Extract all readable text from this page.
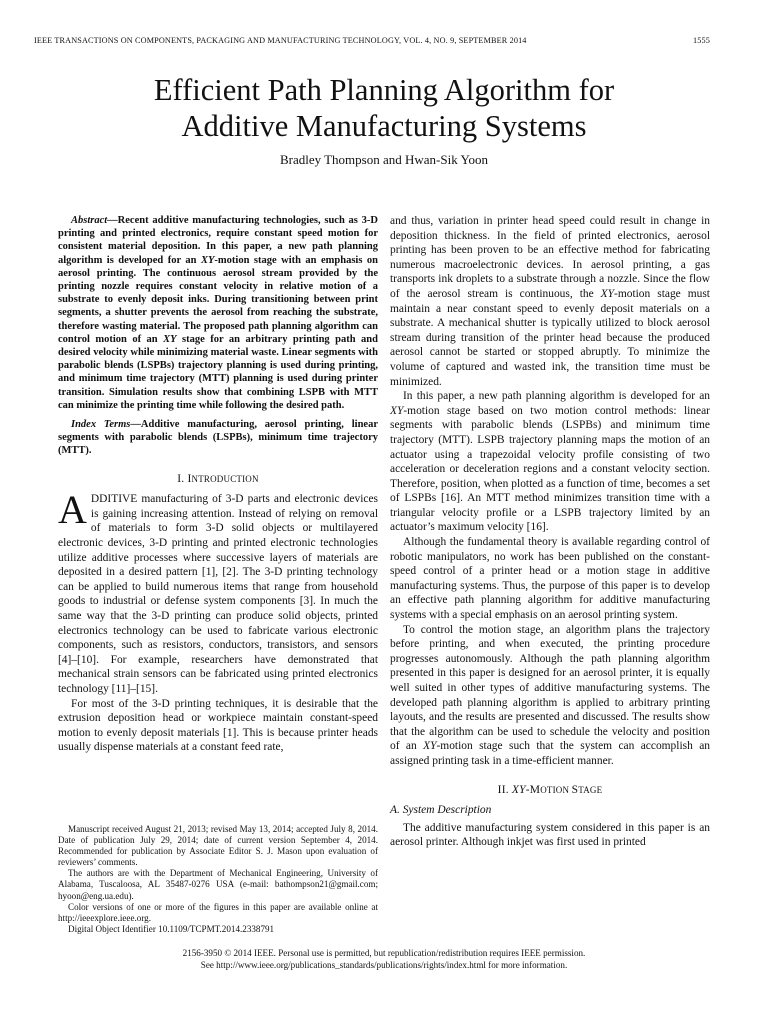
IEEE TRANSACTIONS ON COMPONENTS, PACKAGING AND MANUFACTURING TECHNOLOGY, VOL. 4, NO. 9, SEPTEMBER 2014	1555
Efficient Path Planning Algorithm for
Additive Manufacturing Systems
Bradley Thompson and Hwan-Sik Yoon

Abstract—Recent additive manufacturing technologies, such as 3-D printing and printed electronics, require constant speed motion for consistent material deposition. In this paper, a new path planning algorithm is developed for an XY-motion stage with an emphasis on aerosol printing. The continuous aerosol stream provided by the printing nozzle requires constant velocity in relative motion of a substrate to evenly deposit inks. During transitioning between print segments, a shutter prevents the aerosol from reaching the substrate, therefore wasting material. The proposed path planning algorithm can control motion of an XY stage for an arbitrary printing path and desired velocity while minimizing material waste. Linear segments with parabolic blends (LSPBs) trajectory planning is used during printing, and minimum time trajectory (MTT) planning is used during printer transition. Simulation results show that combining LSPB with MTT can minimize the printing time while following the desired path.

Index Terms—Additive manufacturing, aerosol printing, linear segments with parabolic blends (LSPBs), minimum time trajectory (MTT).

I. INTRODUCTION

ADDITIVE manufacturing of 3-D parts and electronic devices is gaining increasing attention. Instead of relying on removal of materials to form 3-D solid objects or multilayered electronic devices, 3-D printing and printed electronic technologies utilize additive processes where successive layers of materials are deposited in a desired pattern [1], [2]. The 3-D printing technology can be applied to build numerous items that range from household goods to industrial or defense system components [3]. In much the same way that the 3-D printing can produce solid objects, printed electronics technology can be used to fabricate various electronic components, such as resistors, conductors, transistors, and sensors [4]–[10]. For example, researchers have demonstrated that mechanical strain sensors can be fabricated using printed electronics technology [11]–[15].

For most of the 3-D printing techniques, it is desirable that the extrusion deposition head or workpiece maintain constant-speed motion to evenly deposit materials [1]. This is because printer heads usually dispense materials at a constant feed rate,

Manuscript received August 21, 2013; revised May 13, 2014; accepted July 8, 2014. Date of publication July 29, 2014; date of current version September 4, 2014. Recommended for publication by Associate Editor S. J. Mason upon evaluation of reviewers’ comments.

The authors are with the Department of Mechanical Engineering, University of Alabama, Tuscaloosa, AL 35487-0276 USA (e-mail: bathompson21@gmail.com; hyoon@eng.ua.edu).

Color versions of one or more of the figures in this paper are available online at http://ieeexplore.ieee.org.

Digital Object Identifier 10.1109/TCPMT.2014.2338791

and thus, variation in printer head speed could result in change in deposition thickness. In the field of printed electronics, aerosol printing has been proven to be an effective method for fabricating numerous macroelectronic devices. In aerosol printing, a gas transports ink droplets to a substrate through a nozzle. Since the flow of the aerosol stream is continuous, the XY-motion stage must maintain a near constant speed to evenly deposit materials on a substrate. A mechanical shutter is typically utilized to block aerosol stream during transition of the printer head because the produced aerosol cannot be started or stopped abruptly. To minimize the volume of captured and wasted ink, the transition time must be minimized.

In this paper, a new path planning algorithm is developed for an XY-motion stage based on two motion control methods: linear segments with parabolic blends (LSPBs) and minimum time trajectory (MTT). LSPB trajectory planning maps the motion of an actuator using a trapezoidal velocity profile consisting of two acceleration or deceleration regions and a constant velocity section. Therefore, position, when plotted as a function of time, becomes a set of LSPBs [16]. An MTT method minimizes transition time with a triangular velocity profile or a LSPB trajectory limited by an actuator’s maximum velocity [16].

Although the fundamental theory is available regarding control of robotic manipulators, no work has been published on the constant-speed control of a printer head or a motion stage in additive manufacturing systems. Thus, the purpose of this paper is to develop an effective path planning algorithm for additive manufacturing systems with a special emphasis on an aerosol printing system.

To control the motion stage, an algorithm plans the trajectory before printing, and when executed, the printing procedure progresses autonomously. Although the path planning algorithm presented in this paper is designed for an aerosol printer, it is equally well suited in other types of additive manufacturing systems. The developed path planning algorithm is applied to arbitrary printing layouts, and the results are presented and discussed. The results show that the algorithm can be used to schedule the velocity and position of an XY-motion stage such that the system can accomplish an assigned printing task in a time-efficient manner.

II. XY-MOTION STAGE
A. System Description

The additive manufacturing system considered in this paper is an aerosol printer. Although inkjet was first used in printed

2156-3950 © 2014 IEEE. Personal use is permitted, but republication/redistribution requires IEEE permission.
See http://www.ieee.org/publications_standards/publications/rights/index.html for more information.
